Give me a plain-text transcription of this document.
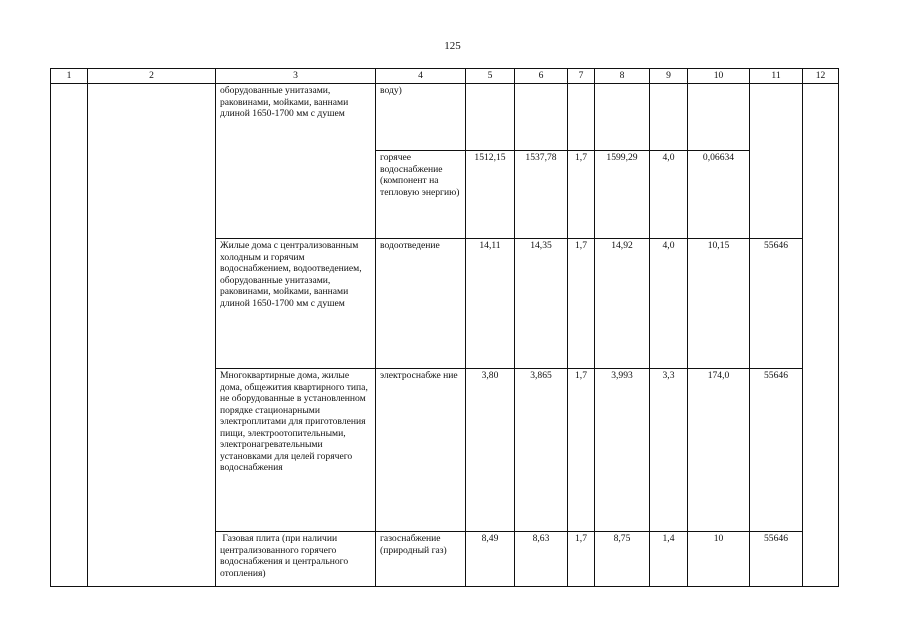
125
1	2	3	4	5	6	7	8	9	10	11	12
		оборудованные унитазами, раковинами, мойками, ваннами длиной 1650-1700 мм с душем	воду)								
			горячее водоснабжение (компонент на тепловую энергию)	1512,15	1537,78	1,7	1599,29	4,0	0,06634		
		Жилые дома с централизованным холодным и горячим водоснабжением, водоотведением, оборудованные унитазами, раковинами, мойками, ваннами длиной 1650-1700 мм с душем	водоотведение	14,11	14,35	1,7	14,92	4,0	10,15	55646	
		Многоквартирные дома, жилые дома, общежития квартирного типа, не оборудованные в установленном порядке стационарными электроплитами для приготовления пищи, электроотопительными, электронагревательными установками для целей горячего водоснабжения	электроснабже ние	3,80	3,865	1,7	3,993	3,3	174,0	55646	
		Газовая плита (при наличии централизованного горячего водоснабжения и центрального отопления)	газоснабжение (природный газ)	8,49	8,63	1,7	8,75	1,4	10	55646	
